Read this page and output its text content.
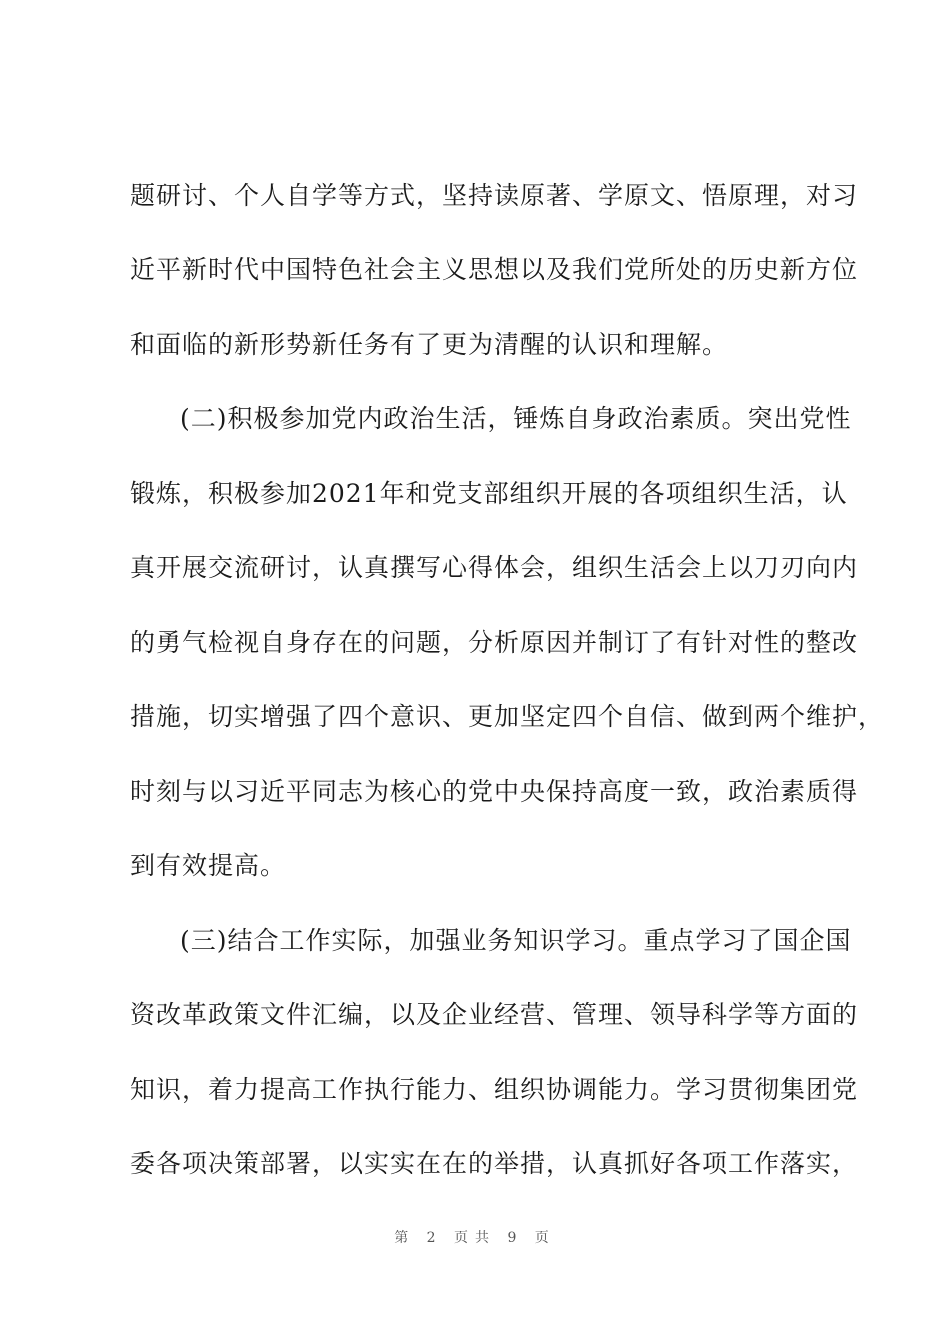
题研讨、个人自学等方式，坚持读原著、学原文、悟原理，对习
近平新时代中国特色社会主义思想以及我们党所处的历史新方位
和面临的新形势新任务有了更为清醒的认识和理解。
(二)积极参加党内政治生活，锤炼自身政治素质。突出党性
锻炼，积极参加2021年和党支部组织开展的各项组织生活，认
真开展交流研讨，认真撰写心得体会，组织生活会上以刀刃向内
的勇气检视自身存在的问题，分析原因并制订了有针对性的整改
措施，切实增强了四个意识、更加坚定四个自信、做到两个维护，
时刻与以习近平同志为核心的党中央保持高度一致，政治素质得
到有效提高。
(三)结合工作实际，加强业务知识学习。重点学习了国企国
资改革政策文件汇编，以及企业经营、管理、领导科学等方面的
知识，着力提高工作执行能力、组织协调能力。学习贯彻集团党
委各项决策部署，以实实在在的举措，认真抓好各项工作落实，
第 2 页共 9 页
